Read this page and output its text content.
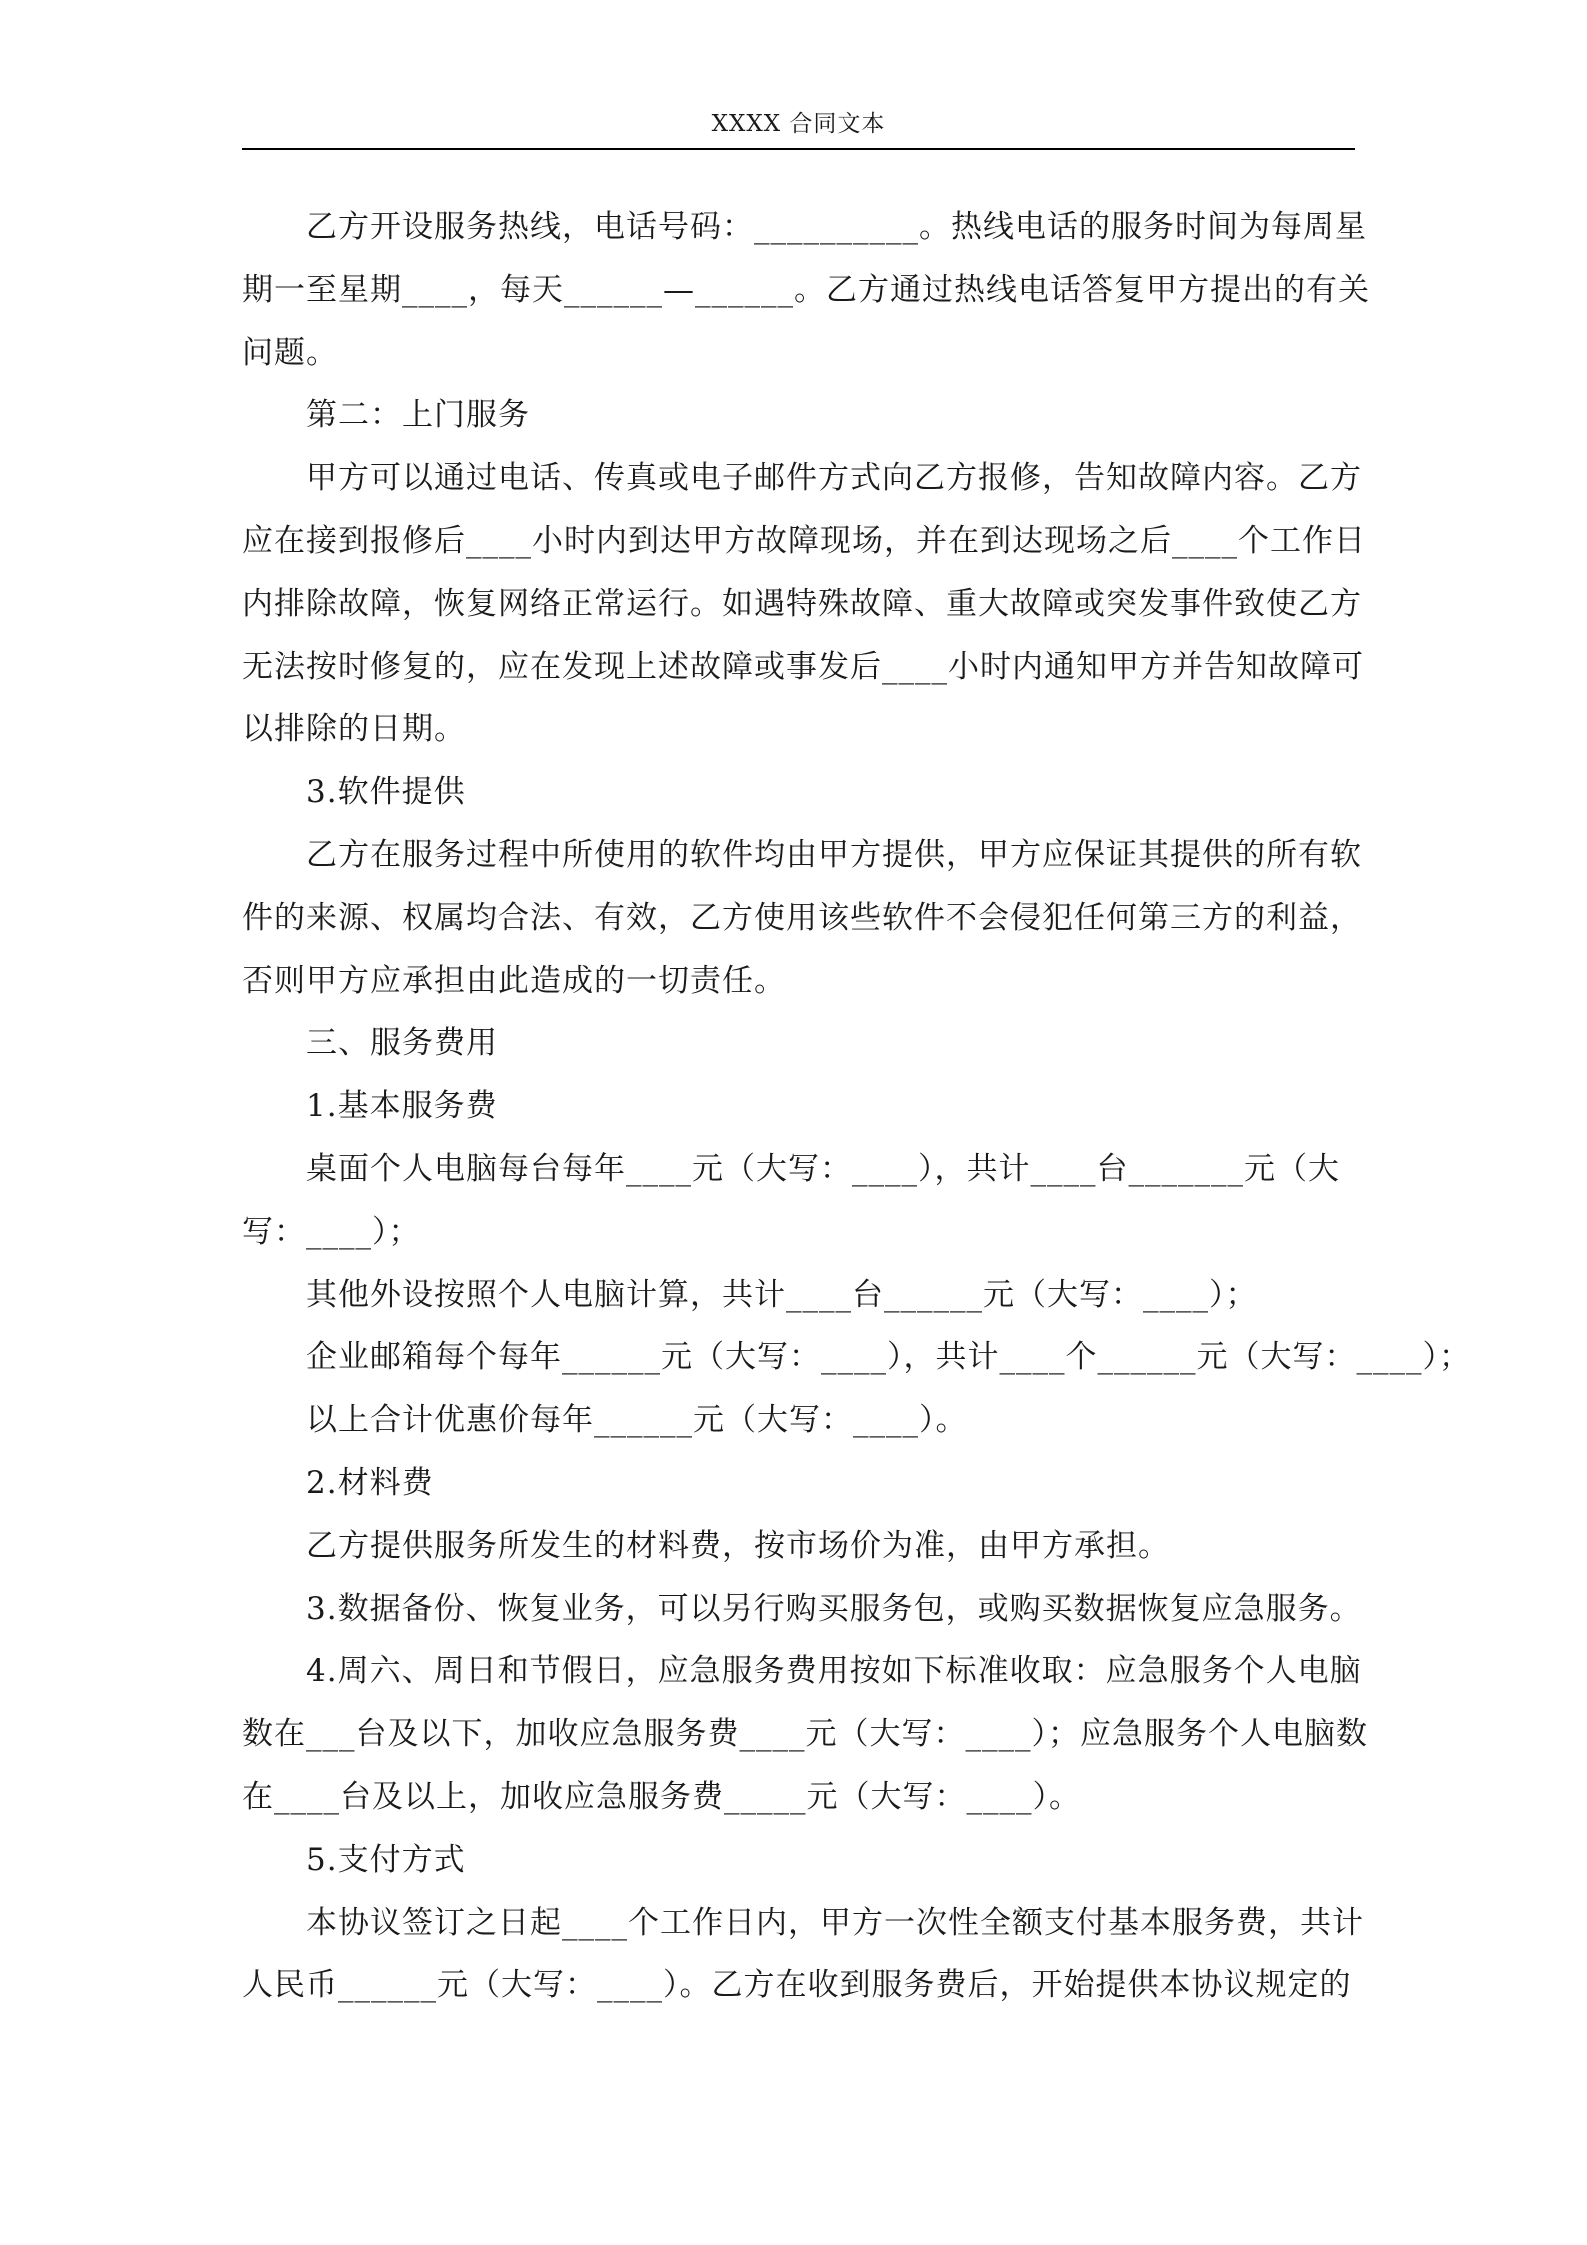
XXXX 合同文本
乙方开设服务热线，电话号码：__________。热线电话的服务时间为每周星
期一至星期____，每天______—______。乙方通过热线电话答复甲方提出的有关
问题。
第二：上门服务
甲方可以通过电话、传真或电子邮件方式向乙方报修，告知故障内容。乙方
应在接到报修后____小时内到达甲方故障现场，并在到达现场之后____个工作日
内排除故障，恢复网络正常运行。如遇特殊故障、重大故障或突发事件致使乙方
无法按时修复的，应在发现上述故障或事发后____小时内通知甲方并告知故障可
以排除的日期。
3.软件提供
乙方在服务过程中所使用的软件均由甲方提供，甲方应保证其提供的所有软
件的来源、权属均合法、有效，乙方使用该些软件不会侵犯任何第三方的利益，
否则甲方应承担由此造成的一切责任。
三、服务费用
1.基本服务费
桌面个人电脑每台每年____元（大写：____），共计____台_______元（大
写：____）；
其他外设按照个人电脑计算，共计____台______元（大写：____）；
企业邮箱每个每年______元（大写：____），共计____个______元（大写：____）；
以上合计优惠价每年______元（大写：____）。
2.材料费
乙方提供服务所发生的材料费，按市场价为准，由甲方承担。
3.数据备份、恢复业务，可以另行购买服务包，或购买数据恢复应急服务。
4.周六、周日和节假日，应急服务费用按如下标准收取：应急服务个人电脑
数在___台及以下，加收应急服务费____元（大写：____）；应急服务个人电脑数
在____台及以上，加收应急服务费_____元（大写：____）。
5.支付方式
本协议签订之日起____个工作日内，甲方一次性全额支付基本服务费，共计
人民币______元（大写：____）。乙方在收到服务费后，开始提供本协议规定的
